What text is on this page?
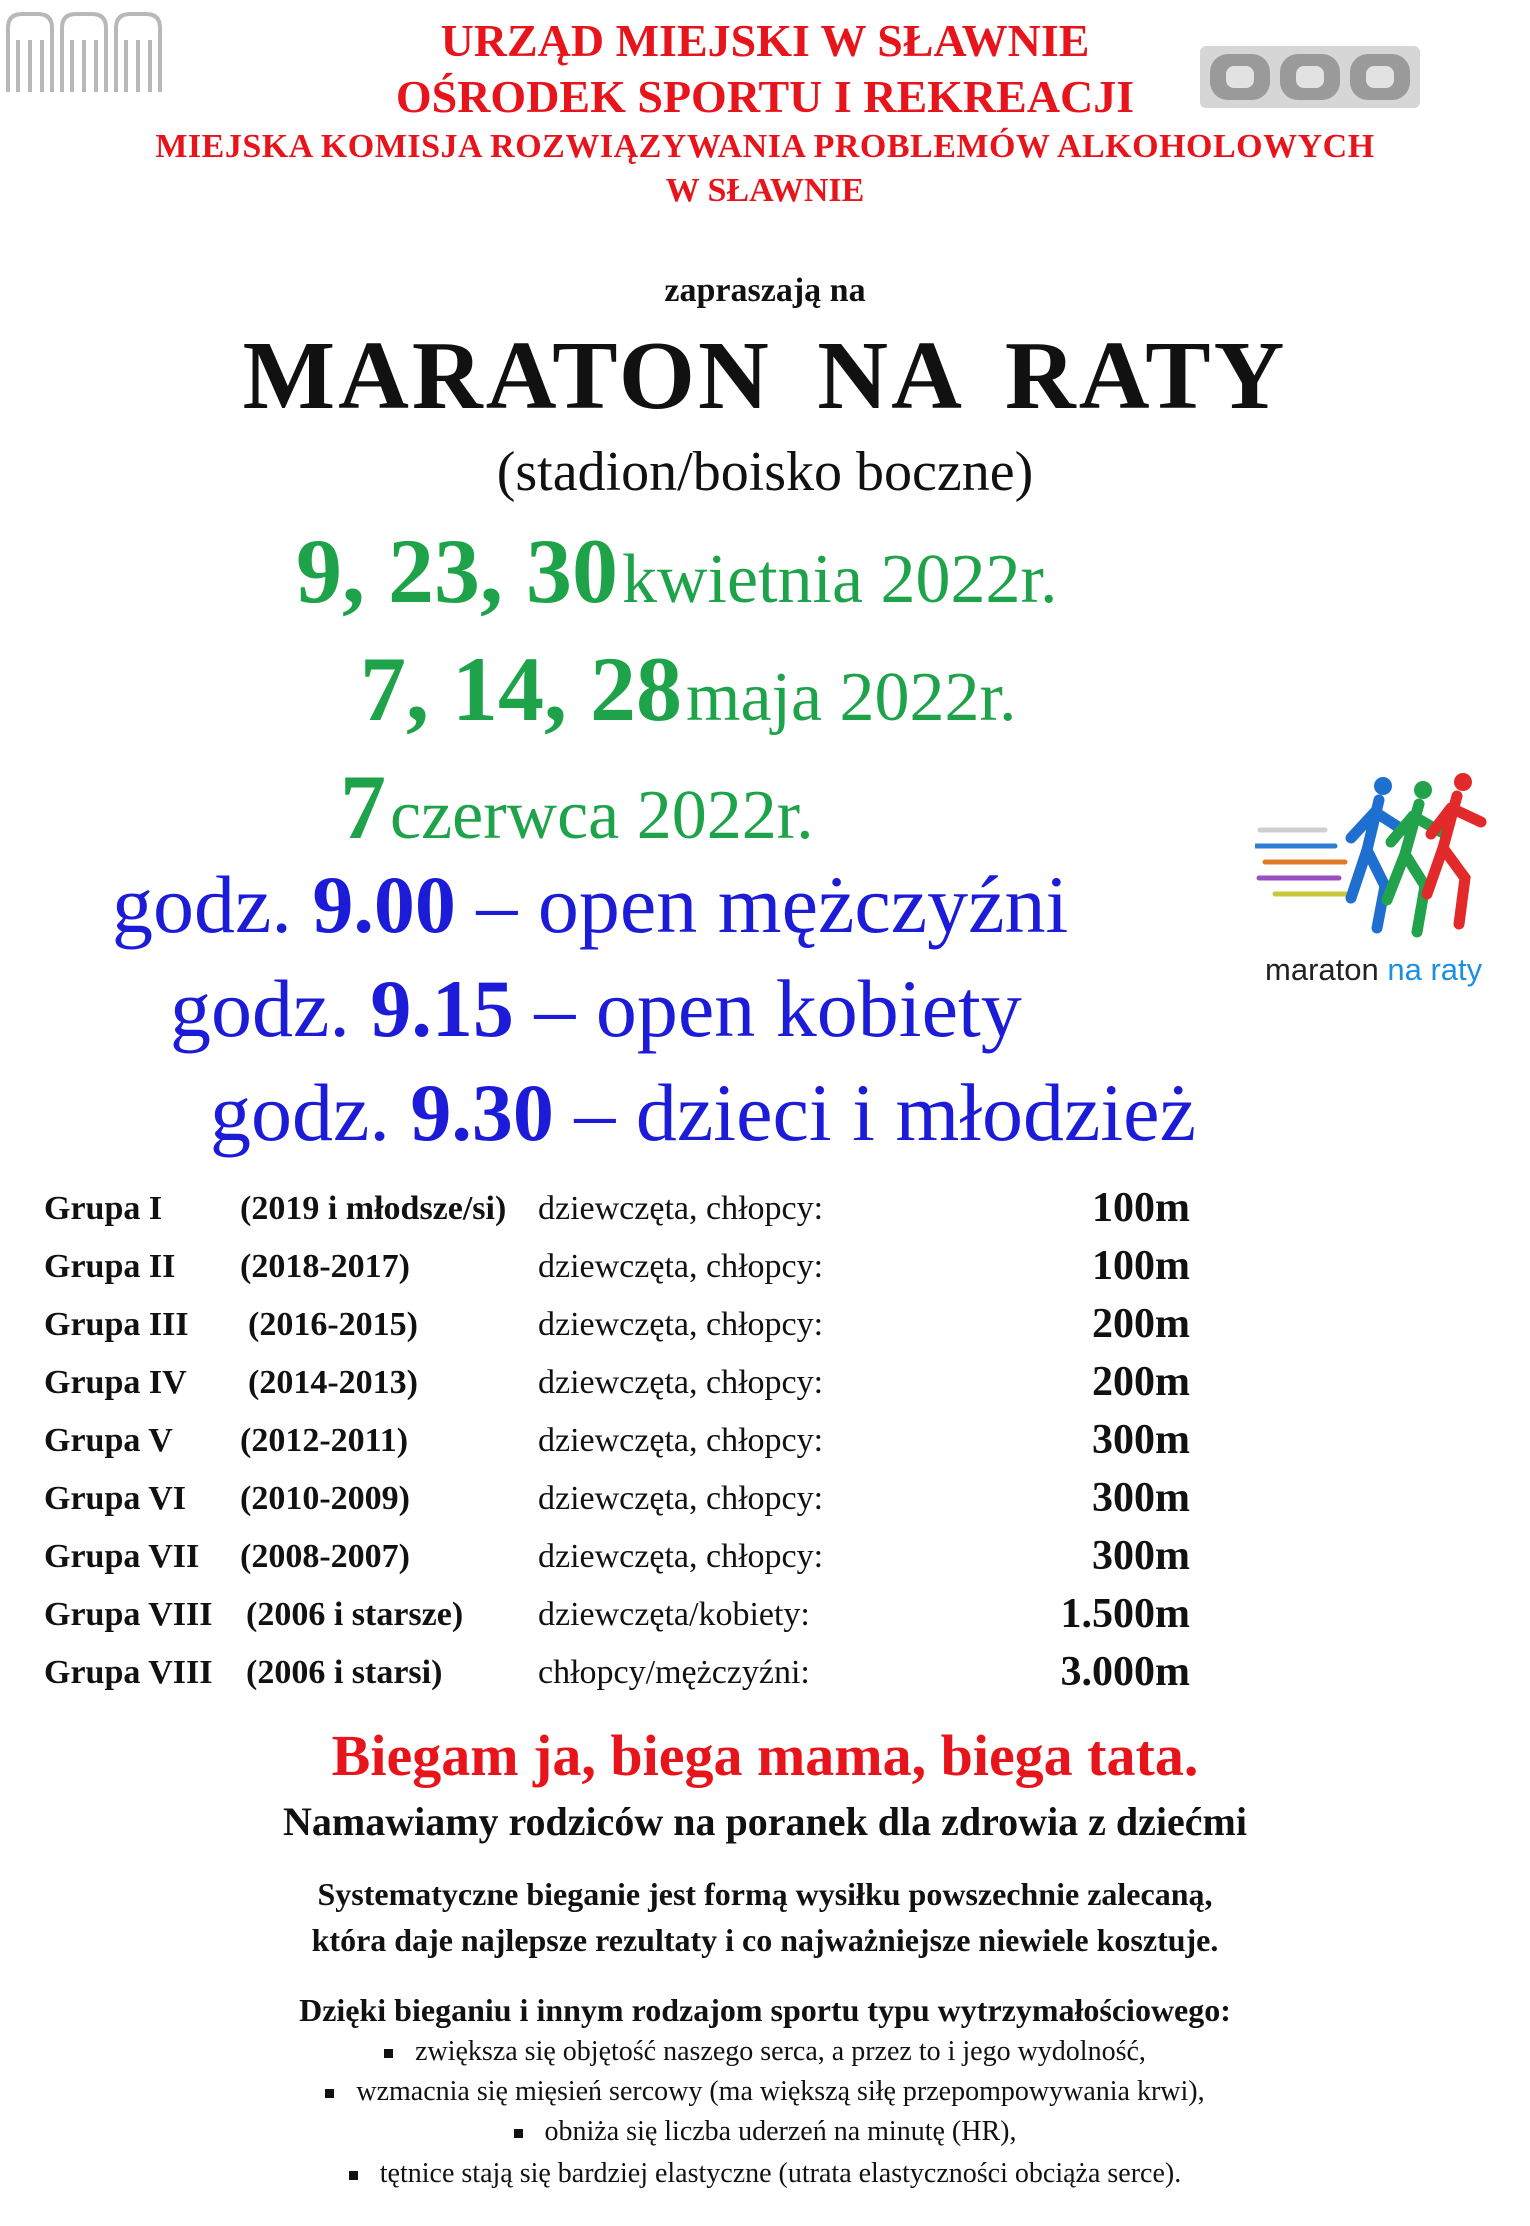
URZĄD MIEJSKI W SŁAWNIE
OŚRODEK SPORTU I REKREACJI
MIEJSKA KOMISJA ROZWIĄZYWANIA PROBLEMÓW ALKOHOLOWYCH
W SŁAWNIE
zapraszają na
MARATON NA RATY
(stadion/boisko boczne)
9, 23, 30 kwietnia 2022r.
7, 14, 28 maja 2022r.
7 czerwca 2022r.
godz. 9.00 – open mężczyźni
godz. 9.15 – open kobiety
godz. 9.30 – dzieci i młodzież
maraton na raty
Grupa I (2019 i młodsze/si) dziewczęta, chłopcy:	100m
Grupa II (2018-2017)	dziewczęta, chłopcy:	100m
Grupa III (2016-2015)	dziewczęta, chłopcy:	200m
Grupa IV (2014-2013)	dziewczęta, chłopcy:	200m
Grupa V (2012-2011)	dziewczęta, chłopcy:	300m
Grupa VI (2010-2009)	dziewczęta, chłopcy:	300m
Grupa VII (2008-2007)	dziewczęta, chłopcy:	300m
Grupa VIII (2006 i starsze) dziewczęta/kobiety:	1.500m
Grupa VIII (2006 i starsi)	chłopcy/mężczyźni:	3.000m
Biegam ja, biega mama, biega tata.
Namawiamy rodziców na poranek dla zdrowia z dziećmi
Systematyczne bieganie jest formą wysiłku powszechnie zalecaną,
która daje najlepsze rezultaty i co najważniejsze niewiele kosztuje.
Dzięki bieganiu i innym rodzajom sportu typu wytrzymałościowego:
zwiększa się objętość naszego serca, a przez to i jego wydolność,
wzmacnia się mięsień sercowy (ma większą siłę przepompowywania krwi),
obniża się liczba uderzeń na minutę (HR),
tętnice stają się bardziej elastyczne (utrata elastyczności obciąża serce).
